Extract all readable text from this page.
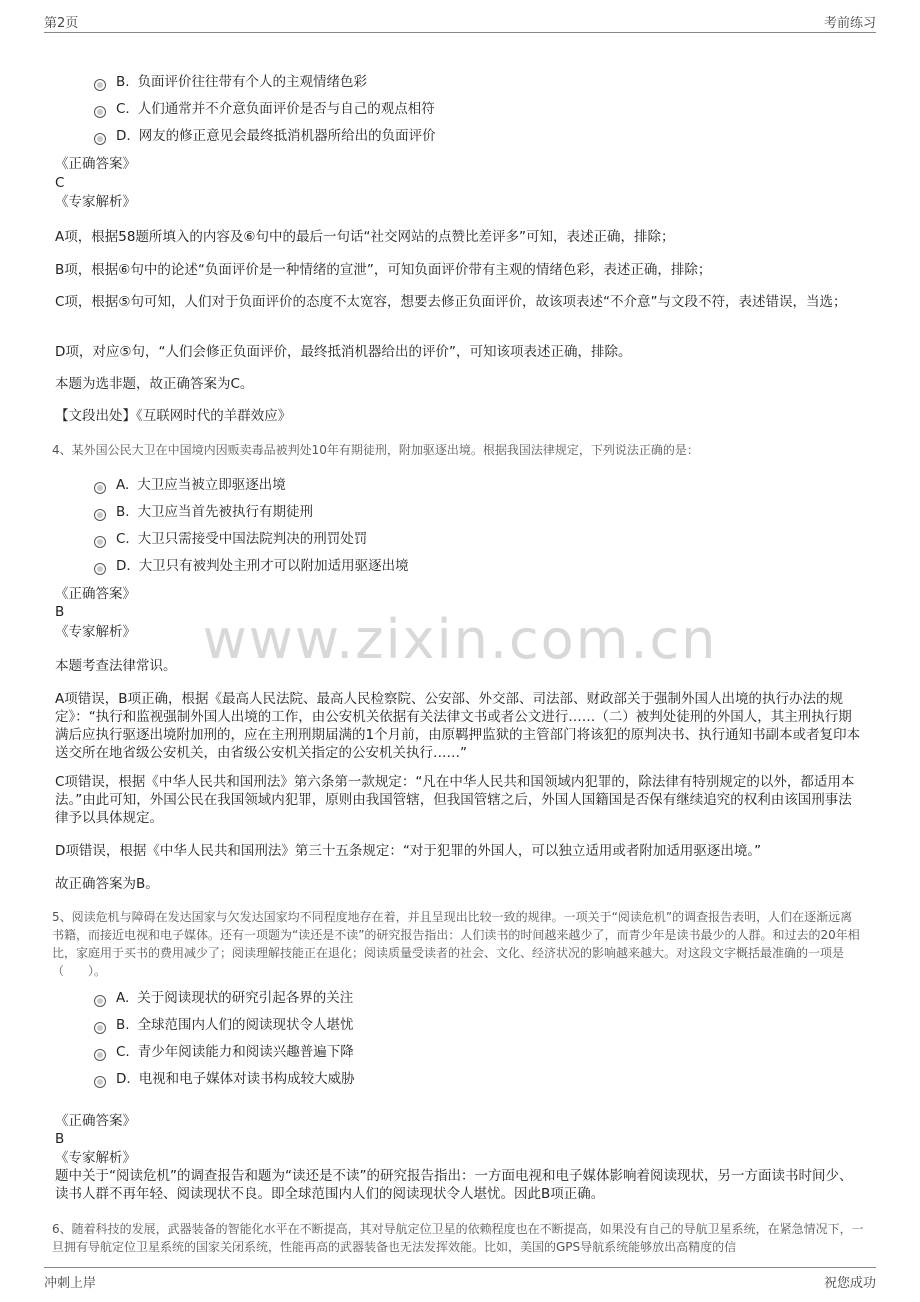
第2页	考前练习
www.zixin.com.cn
B. 负面评价往往带有个人的主观情绪色彩
C. 人们通常并不介意负面评价是否与自己的观点相符
D. 网友的修正意见会最终抵消机器所给出的负面评价
《正确答案》
C
《专家解析》
A项，根据58题所填入的内容及⑥句中的最后一句话“社交网站的点赞比差评多”可知，表述正确，排除；
B项，根据⑥句中的论述“负面评价是一种情绪的宣泄”，可知负面评价带有主观的情绪色彩，表述正确，排除；
C项，根据⑤句可知，人们对于负面评价的态度不太宽容，想要去修正负面评价，故该项表述“不介意”与文段不符，表述错误，当选；
D项，对应⑤句，“人们会修正负面评价，最终抵消机器给出的评价”，可知该项表述正确，排除。
本题为选非题，故正确答案为C。
【文段出处】《互联网时代的羊群效应》
4、某外国公民大卫在中国境内因贩卖毒品被判处10年有期徒刑，附加驱逐出境。根据我国法律规定，下列说法正确的是：
A. 大卫应当被立即驱逐出境
B. 大卫应当首先被执行有期徒刑
C. 大卫只需接受中国法院判决的刑罚处罚
D. 大卫只有被判处主刑才可以附加适用驱逐出境
《正确答案》
B
《专家解析》
本题考查法律常识。
A项错误，B项正确，根据《最高人民法院、最高人民检察院、公安部、外交部、司法部、财政部关于强制外国人出境的执行办法的规定》：“执行和监视强制外国人出境的工作，由公安机关依据有关法律文书或者公文进行……（二）被判处徒刑的外国人，其主刑执行期满后应执行驱逐出境附加刑的，应在主刑刑期届满的1个月前，由原羁押监狱的主管部门将该犯的原判决书、执行通知书副本或者复印本送交所在地省级公安机关，由省级公安机关指定的公安机关执行……”
C项错误，根据《中华人民共和国刑法》第六条第一款规定：“凡在中华人民共和国领域内犯罪的，除法律有特别规定的以外，都适用本法。”由此可知，外国公民在我国领域内犯罪，原则由我国管辖，但我国管辖之后，外国人国籍国是否保有继续追究的权利由该国刑事法律予以具体规定。
D项错误，根据《中华人民共和国刑法》第三十五条规定：“对于犯罪的外国人，可以独立适用或者附加适用驱逐出境。”
故正确答案为B。
5、阅读危机与障碍在发达国家与欠发达国家均不同程度地存在着，并且呈现出比较一致的规律。一项关于“阅读危机”的调查报告表明，人们在逐渐远离书籍，而接近电视和电子媒体。还有一项题为“读还是不读”的研究报告指出：人们读书的时间越来越少了，而青少年是读书最少的人群。和过去的20年相比，家庭用于买书的费用减少了；阅读理解技能正在退化；阅读质量受读者的社会、文化、经济状况的影响越来越大。对这段文字概括最准确的一项是（　　）。
A. 关于阅读现状的研究引起各界的关注
B. 全球范围内人们的阅读现状令人堪忧
C. 青少年阅读能力和阅读兴趣普遍下降
D. 电视和电子媒体对读书构成较大威胁
《正确答案》
B
《专家解析》
题中关于“阅读危机”的调查报告和题为“读还是不读”的研究报告指出：一方面电视和电子媒体影响着阅读现状，另一方面读书时间少、读书人群不再年轻、阅读现状不良。即全球范围内人们的阅读现状令人堪忧。因此B项正确。
6、随着科技的发展，武器装备的智能化水平在不断提高，其对导航定位卫星的依赖程度也在不断提高，如果没有自己的导航卫星系统，在紧急情况下，一旦拥有导航定位卫星系统的国家关闭系统，性能再高的武器装备也无法发挥效能。比如，美国的GPS导航系统能够放出高精度的信
冲刺上岸	祝您成功
